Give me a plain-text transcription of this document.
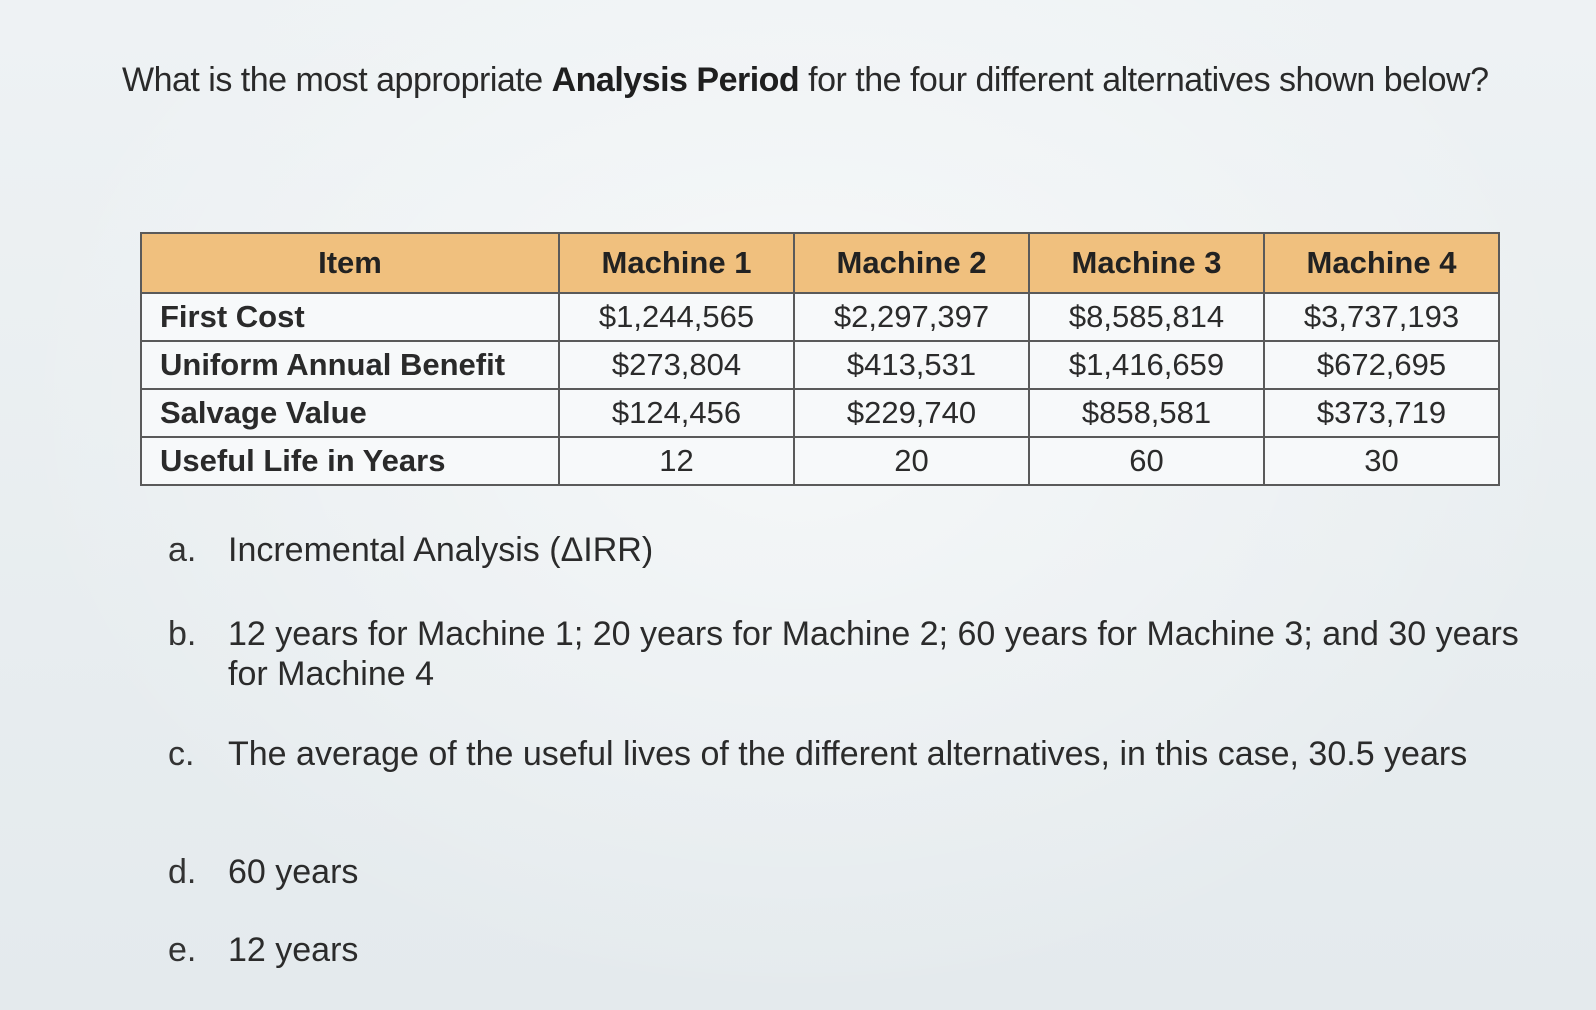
What is the most appropriate Analysis Period for the four different alternatives shown below?
Item	Machine 1	Machine 2	Machine 3	Machine 4
First Cost	$1,244,565	$2,297,397	$8,585,814	$3,737,193
Uniform Annual Benefit	$273,804	$413,531	$1,416,659	$672,695
Salvage Value	$124,456	$229,740	$858,581	$373,719
Useful Life in Years	12	20	60	30
a. Incremental Analysis (ΔIRR)
b. 12 years for Machine 1; 20 years for Machine 2; 60 years for Machine 3; and 30 years for Machine 4
c. The average of the useful lives of the different alternatives, in this case, 30.5 years
d. 60 years
e. 12 years
